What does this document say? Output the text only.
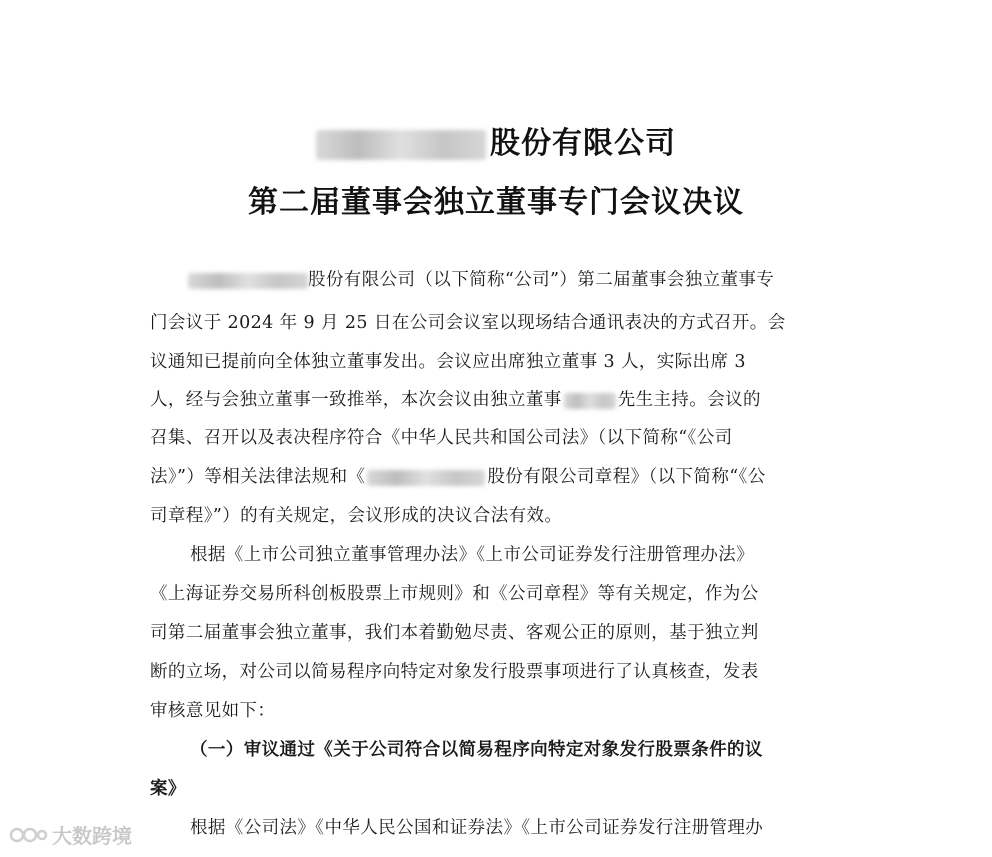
股份有限公司
第二届董事会独立董事专门会议决议
股份有限公司（以下简称“公司”）第二届董事会独立董事专
门会议于 2024 年 9 月 25 日在公司会议室以现场结合通讯表决的方式召开。会
议通知已提前向全体独立董事发出。会议应出席独立董事 3 人，实际出席 3
人，经与会独立董事一致推举，本次会议由独立董事	先生主持。会议的
召集、召开以及表决程序符合《中华人民共和国公司法》（以下简称“《公司
法》”）等相关法律法规和《	股份有限公司章程》（以下简称“《公
司章程》”）的有关规定，会议形成的决议合法有效。
根据《上市公司独立董事管理办法》《上市公司证券发行注册管理办法》
《上海证券交易所科创板股票上市规则》和《公司章程》等有关规定，作为公
司第二届董事会独立董事，我们本着勤勉尽责、客观公正的原则，基于独立判
断的立场，对公司以简易程序向特定对象发行股票事项进行了认真核查，发表
审核意见如下：
（一）审议通过《关于公司符合以简易程序向特定对象发行股票条件的议
案》
根据《公司法》《中华人民公国和证券法》《上市公司证券发行注册管理办
大数跨境
